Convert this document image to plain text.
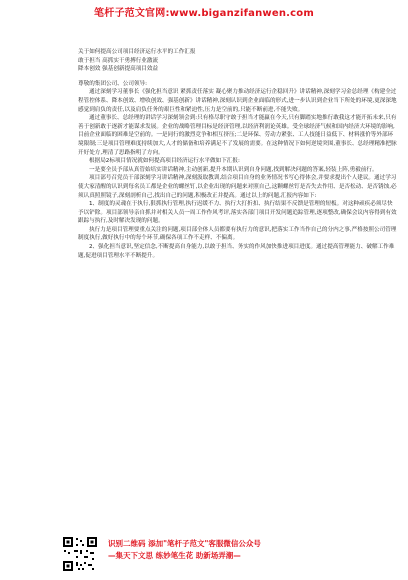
笔杆子范文官网:www.biganzifanwen.com
关于如何提高公司项目经济运行水平的工作汇报
敢于担当 高抓实干勇搏行业激流
降本创效 强基创新提高项目效益
尊敬的集团公司、公司领导:

通过深刻学习董事长《强化担当意识 紧抓责任落实 凝心聚力推动经济运行企稳回升》讲话精神,深刻学习金总经理《构建全过程管控体系、降本创效、增收创效、强基创新》讲话精神,深刻认识到企业面临的形式,进一步认识到企业当下所处的环境,更深深地感觉到肩负的责任,以及肩负任务的艰巨性和紧迫性,压力是空前的,只能不断前进,不能失败。

通过董事长、总经理的讲话学习深刻领会到:只有格尽职守敢于担当才能赢在今天,只有脚踏实地推行敢我这才能开拓未来,只有善于创新敢于逐新才能谋求发展。企业的战略管理目标是经济管理,以经济利润论英雄。受全球经济气候和国内经济大环境的影响,目前企业面临的困难是空前的。一是同行的激烈竞争和相互挤压;二是环保、劳动力紧张、工人技能日益低下、材料涨价等外部环境限制;三是项目管理难度持续加大,人才的储备和培养满足不了发展的需要。在这种情况下如何逆境突围,董事长、总经理精准把脉开好处方,理清了思路指明了方向。

根据局2标项目情况就如何提高项目经济运行水平做如下汇报:

一是要全员予部从真管始培实讲话精神,主动创新,提升本期认识到自身问题,找到解决问题的答案,轻装上阵,勇毅前行。

项目部号召党员干部深刻学习讲话精神,深刻汲取教训,结合项目自身的业务情况书写心得体会,并要求提出个人建议。通过学习使大家清醒的认识到每名员工都是企业的螺丝钉,以企业出现的问题来对照自己,这颗螺丝钉是否失去作用、是否松动、是否锈蚀,必须认真照照镜子,深刻剖析自己,找出自己的问题,积极改正并提高。通过以上的问题,汇报内容如下:

1、制度的灵魂在于执行,狠抓执行管理,执行迟缓不力、执行大打折扣、执行结果不反馈是管理的短板。对这种顽疾必须尽快予以铲除。项目部领导亲自抓并对相关人员一周工作作风考评,落实各部门项目开发问题追踪管理,逐项整改,确保会议内容得到有效跟踪与执行,及时解决发现的问题。

执行力是项目管理要重点关注的问题,项目部全体人员都要有执行力的意识,把落实工作当作自己的分内之事,严格按照公司管理制度执行,做好执行中的每个环节,确保各项工作不走样、不偏离。

2、强化担当意识,坚定信念,不断提高自身能力,以敢于担当、务实的作风加快推进项目进度。通过提高管理能力、破解工作难题,促进项目管理水平不断提升。

识别二维码 添加"笔杆子范文"客服微信公众号
—集天下文思 练妙笔生花 助新场弄潮—
